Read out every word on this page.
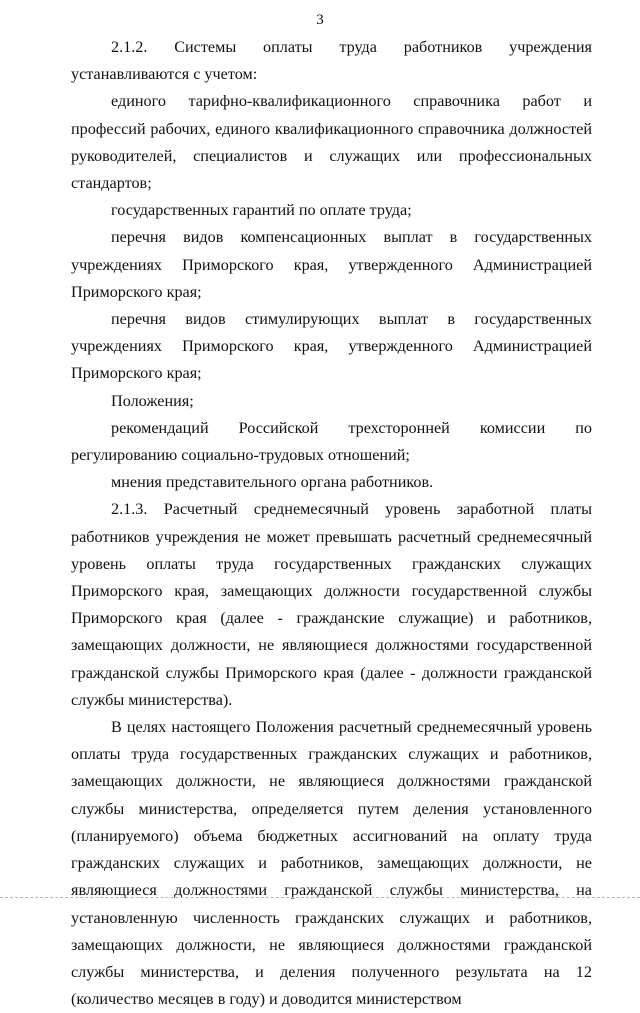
3

2.1.2. Системы оплаты труда работников учреждения устанавливаются с учетом:

единого тарифно-квалификационного справочника работ и профессий рабочих, единого квалификационного справочника должностей руководителей, специалистов и служащих или профессиональных стандартов;

государственных гарантий по оплате труда;

перечня видов компенсационных выплат в государственных учреждениях Приморского края, утвержденного Администрацией Приморского края;

перечня видов стимулирующих выплат в государственных учреждениях Приморского края, утвержденного Администрацией Приморского края;

Положения;

рекомендаций Российской трехсторонней комиссии по регулированию социально-трудовых отношений;

мнения представительного органа работников.

2.1.3. Расчетный среднемесячный уровень заработной платы работников учреждения не может превышать расчетный среднемесячный уровень оплаты труда государственных гражданских служащих Приморского края, замещающих должности государственной службы Приморского края (далее - гражданские служащие) и работников, замещающих должности, не являющиеся должностями государственной гражданской службы Приморского края (далее - должности гражданской службы министерства).

В целях настоящего Положения расчетный среднемесячный уровень оплаты труда государственных гражданских служащих и работников, замещающих должности, не являющиеся должностями гражданской службы министерства, определяется путем деления установленного (планируемого) объема бюджетных ассигнований на оплату труда гражданских служащих и работников, замещающих должности, не являющиеся должностями гражданской службы министерства, на установленную численность гражданских служащих и работников, замещающих должности, не являющиеся должностями гражданской службы министерства, и деления полученного результата на 12 (количество месяцев в году) и доводится министерством
